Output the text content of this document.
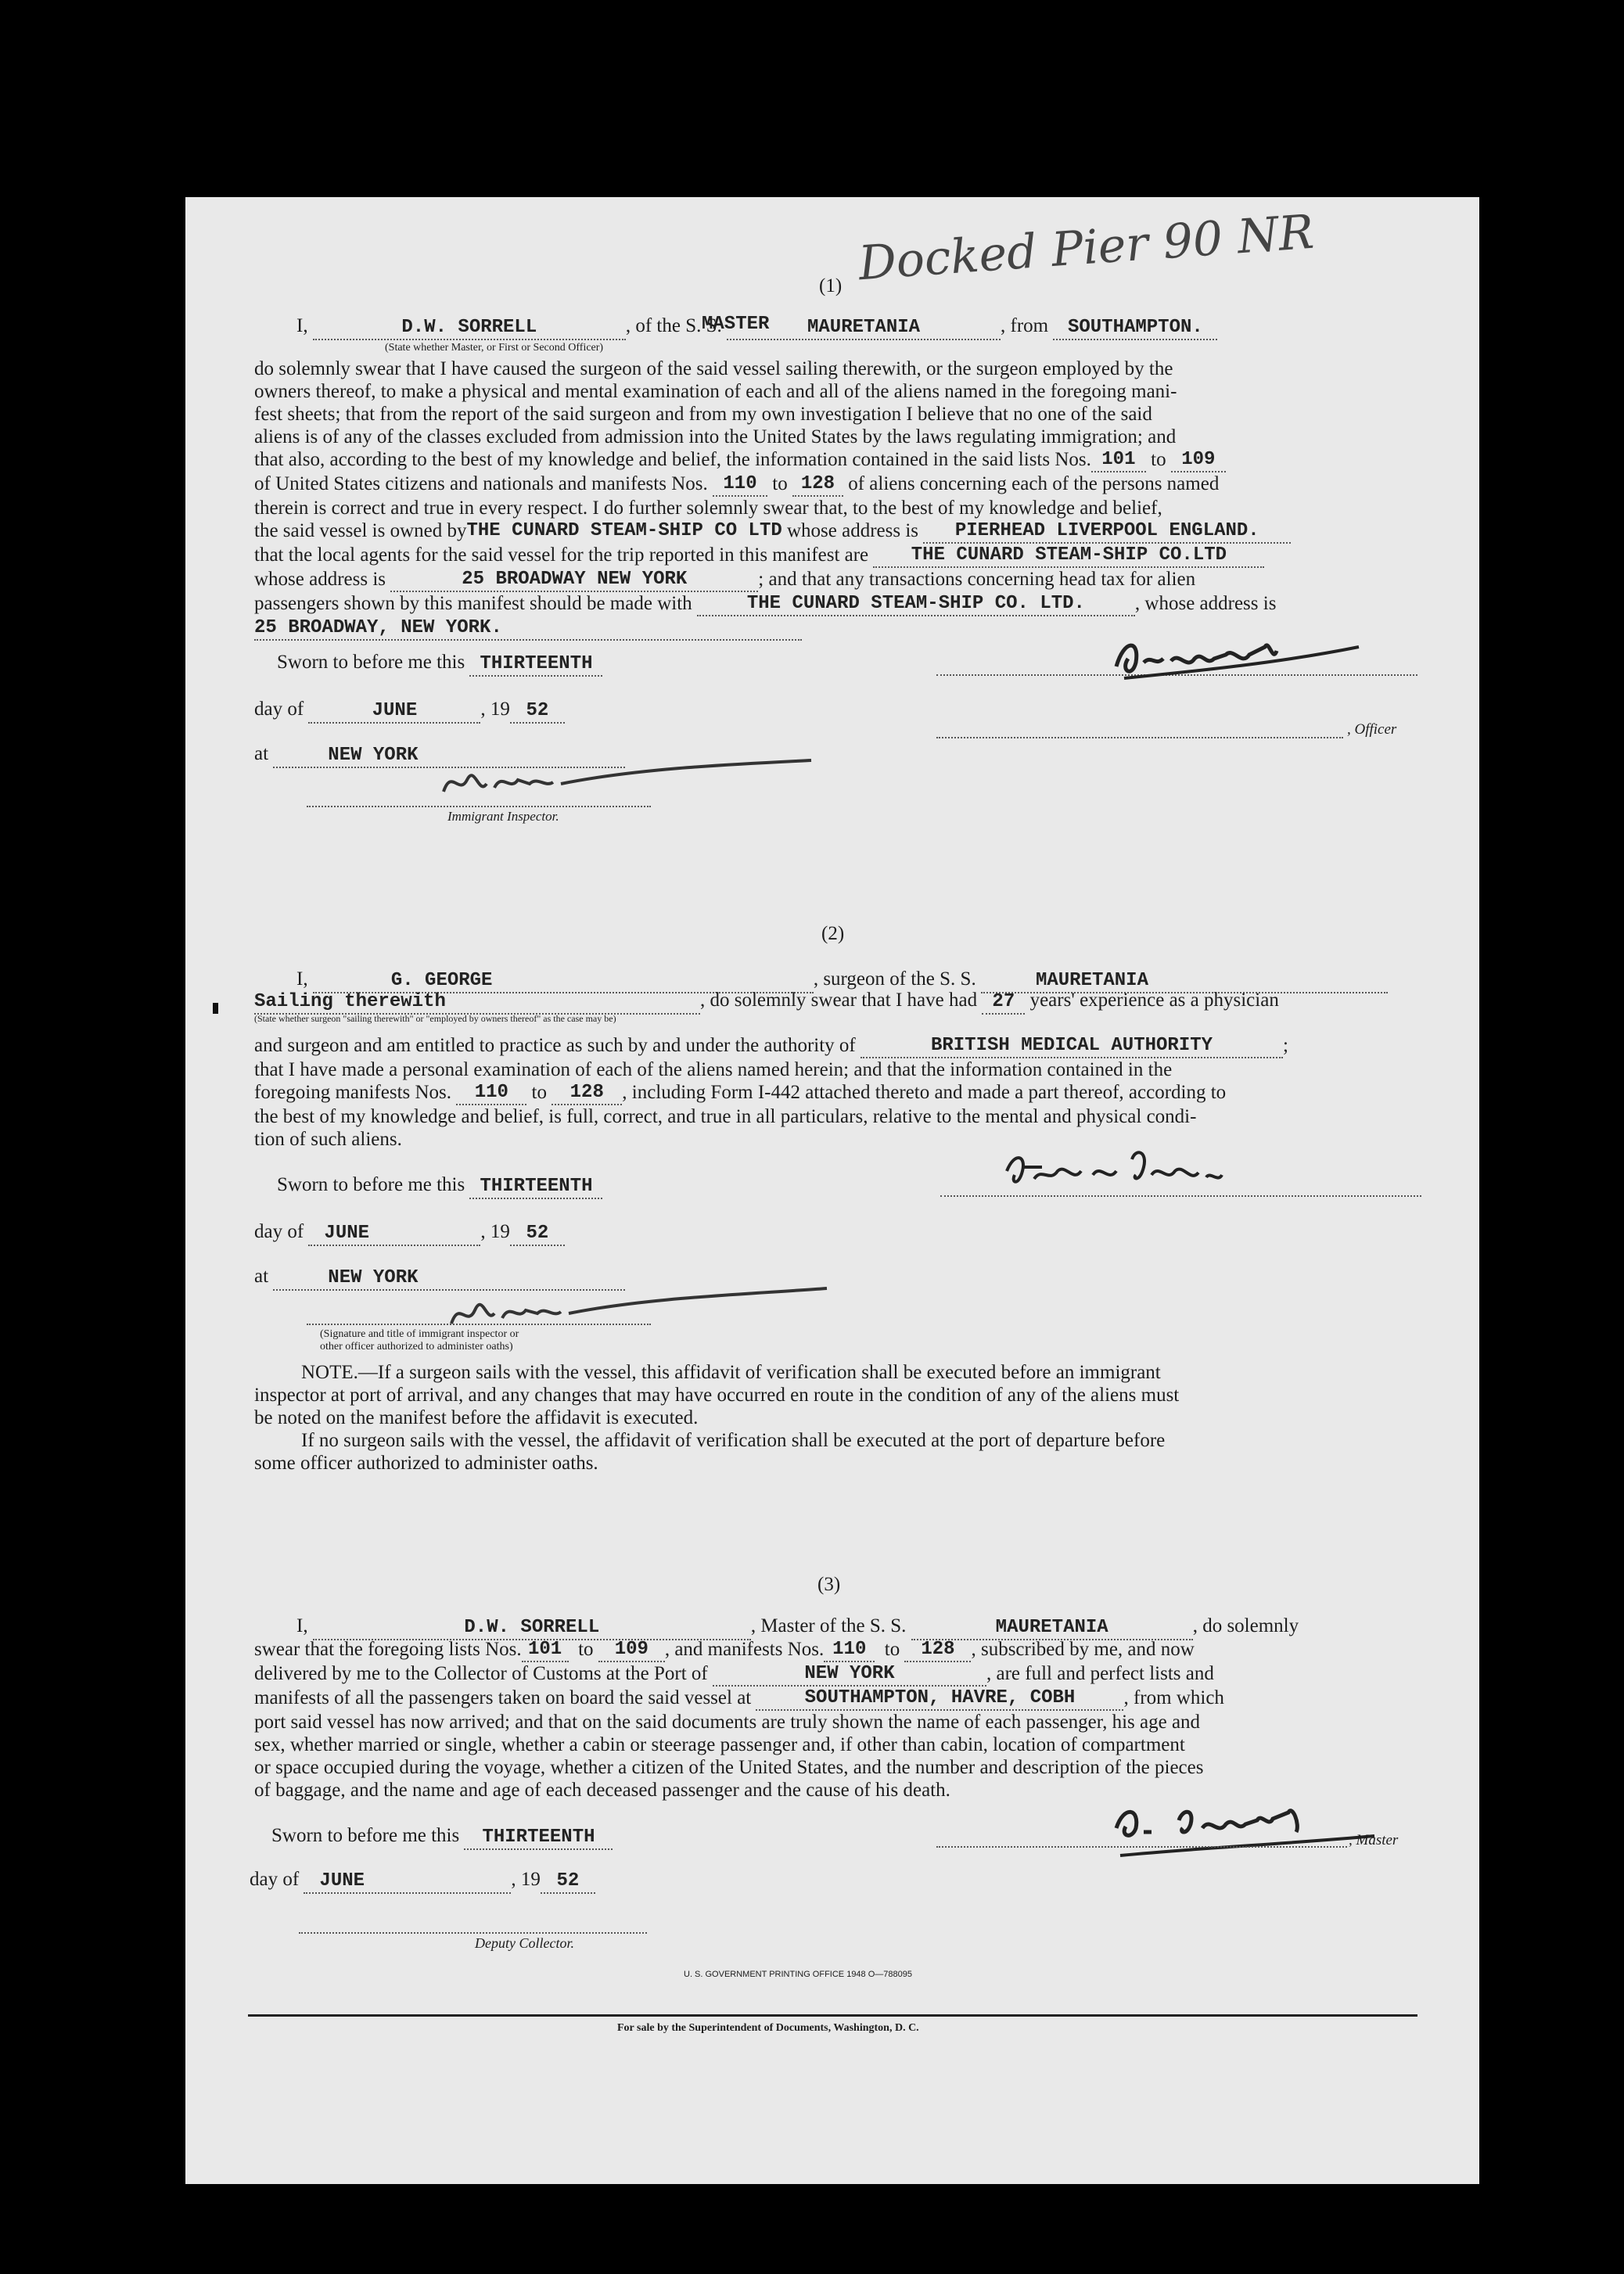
Docked Pier 90 NR
(1)
I,	D.W. SORRELL	, of the S. S.	MAURETANIA	, from SOUTHAMPTON.
(State whether Master, or First or Second Officer)
MASTER
do solemnly swear that I have caused the surgeon of the said vessel sailing therewith, or the surgeon employed by the
owners thereof, to make a physical and mental examination of each and all of the aliens named in the foregoing mani-
fest sheets; that from the report of the said surgeon and from my own investigation I believe that no one of the said
aliens is of any of the classes excluded from admission into the United States by the laws regulating immigration; and
that also, according to the best of my knowledge and belief, the information contained in the said lists Nos. 101
to
109
of United States citizens and nationals and manifests Nos.
110
to
128
of aliens concerning each of the persons named
therein is correct and true in every respect. I do further solemnly swear that, to the best of my knowledge and belief,
the said vessel is owned by THE CUNARD STEAM-SHIP CO LTD
whose address is
	PIERHEAD LIVERPOOL ENGLAND.
that the local agents for the said vessel for the trip reported in this manifest are
	THE CUNARD STEAM-SHIP CO.LTD
whose address is
	25 BROADWAY NEW YORK	; and that any transactions concerning head tax for alien
passengers shown by this manifest should be made with
	THE CUNARD STEAM-SHIP CO. LTD.	, whose address is
25 BROADWAY, NEW YORK.
Sworn to before me this THIRTEENTH
day of	JUNE	, 19 52
, Officer
at	NEW YORK
Immigrant Inspector.
(2)
I,	G. GEORGE	, surgeon of the S. S.	MAURETANIA
Sailing therewith	, do solemnly swear that I have had 27 years' experience as a physician
(State whether surgeon "sailing therewith" or "employed by owners thereof" as the case may be)
and surgeon and am entitled to practice as such by and under the authority of
	BRITISH MEDICAL AUTHORITY	;
that I have made a personal examination of each of the aliens named herein; and that the information contained in the
foregoing manifests Nos.
	110
	to
	128 , including Form I-442 attached thereto and made a part thereof, according to
the best of my knowledge and belief, is full, correct, and true in all particulars, relative to the mental and physical condi-
tion of such aliens.
Sworn to before me this THIRTEENTH
day of JUNE	, 19 52
at	NEW YORK
(Signature and title of immigrant inspector or
other officer authorized to administer oaths)
NOTE.—If a surgeon sails with the vessel, this affidavit of verification shall be executed before an immigrant
inspector at port of arrival, and any changes that may have occurred en route in the condition of any of the aliens must
be noted on the manifest before the affidavit is executed.
If no surgeon sails with the vessel, the affidavit of verification shall be executed at the port of departure before
some officer authorized to administer oaths.
(3)
I,	D.W. SORRELL	, Master of the S. S.	MAURETANIA	, do solemnly
swear that the foregoing lists Nos. 101
to
	109 , and manifests Nos. 110
to
	128 , subscribed by me, and now
delivered by me to the Collector of Customs at the Port of
	NEW YORK	, are full and perfect lists and
manifests of all the passengers taken on board the said vessel at
	SOUTHAMPTON, HAVRE, COBH	, from which
port said vessel has now arrived; and that on the said documents are truly shown the name of each passenger, his age and
sex, whether married or single, whether a cabin or steerage passenger and, if other than cabin, location of compartment
or space occupied during the voyage, whether a citizen of the United States, and the number and description of the pieces
of baggage, and the name and age of each deceased passenger and the cause of his death.
Sworn to before me this THIRTEENTH	, Master
day of JUNE	, 19 52
Deputy Collector.
U. S. GOVERNMENT PRINTING OFFICE 1948 O—788095
For sale by the Superintendent of Documents, Washington, D. C.
